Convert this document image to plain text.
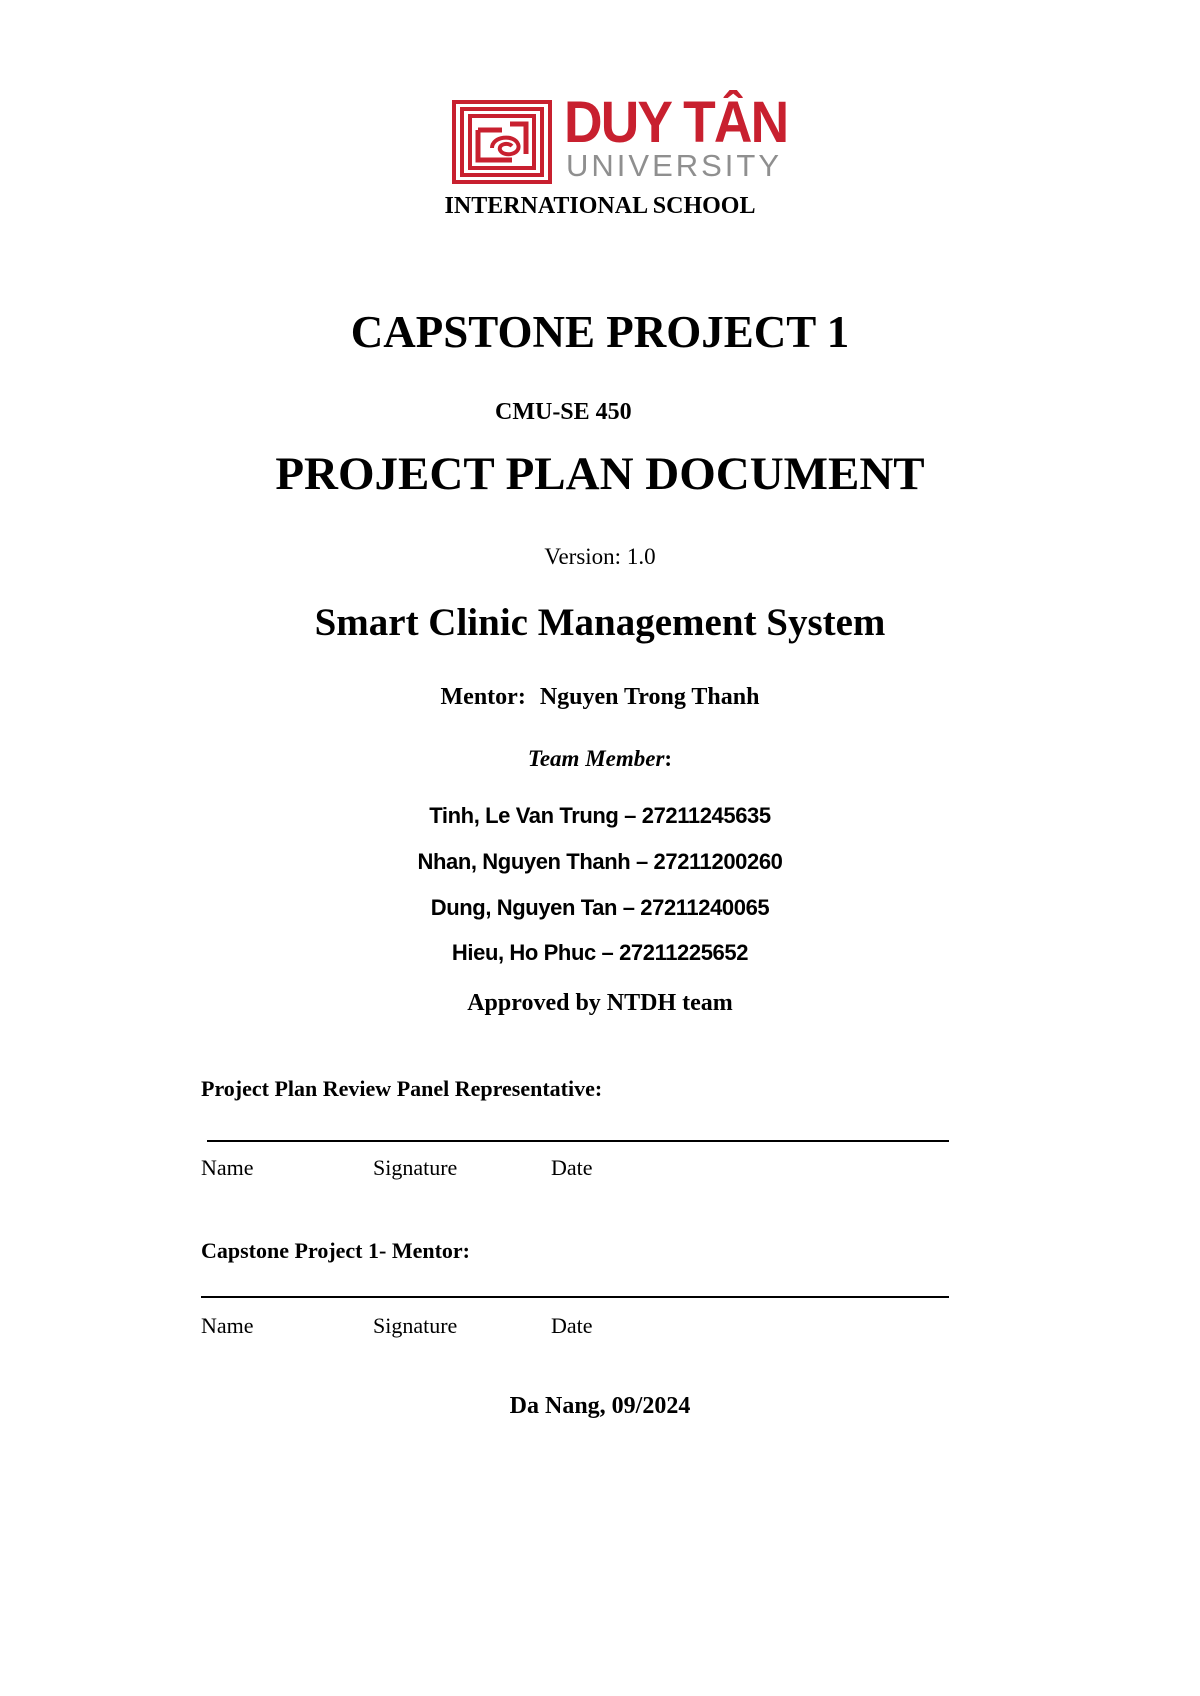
DUY TÂN
UNIVERSITY
INTERNATIONAL SCHOOL
CAPSTONE PROJECT 1
CMU-SE 450
PROJECT PLAN DOCUMENT
Version: 1.0
Smart Clinic Management System
Mentor: Nguyen Trong Thanh
Team Member:
Tinh, Le Van Trung – 27211245635
Nhan, Nguyen Thanh – 27211200260
Dung, Nguyen Tan – 27211240065
Hieu, Ho Phuc – 27211225652
Approved by NTDH team
Project Plan Review Panel Representative:
Name	Signature	Date
Capstone Project 1- Mentor:
Name	Signature	Date
Da Nang, 09/2024
